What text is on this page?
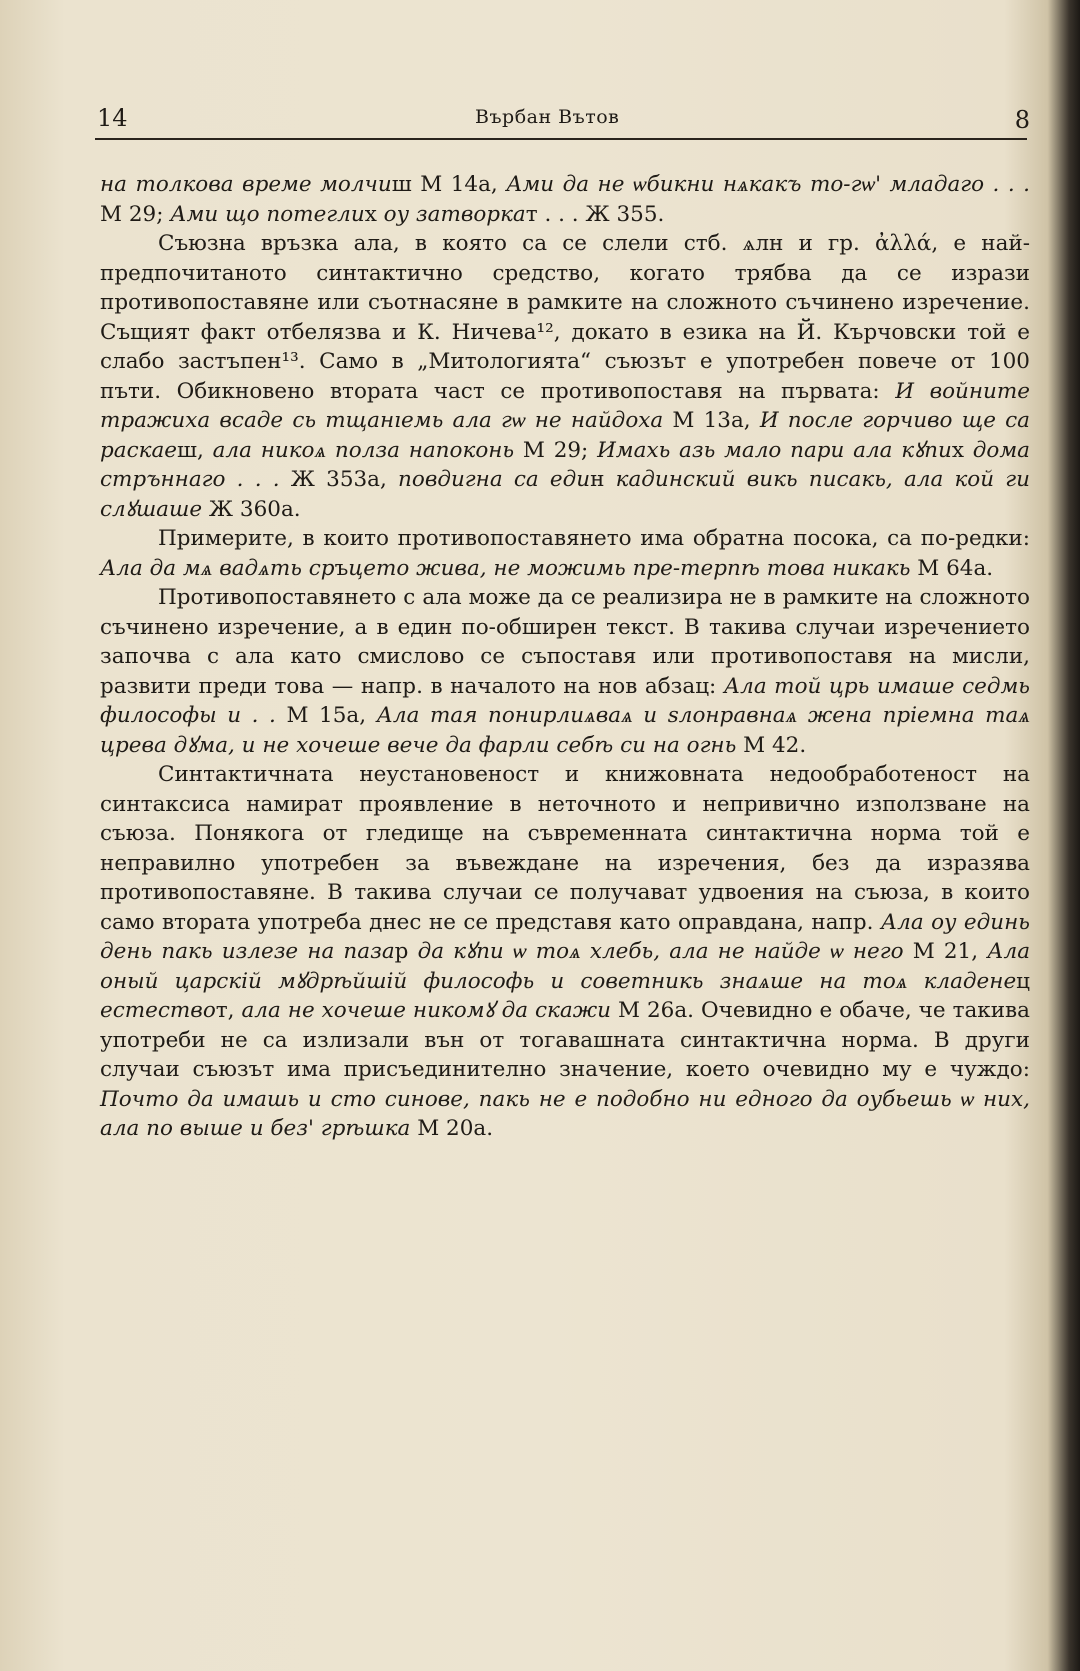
14	Върбан Вътов	8

на толкова време молчиш М 14а, Ами да не ѡбикни нѧкакъ то-гѡ' младаго . . . М 29; Ами що потеглих оу затворкат . . . Ж 355.

Съюзна връзка ала, в която са се слели стб. ѧлн и гр. ἀλλά, е най-предпочитаното синтактично средство, когато трябва да се изрази противопоставяне или съотнасяне в рамките на сложното съчинено изречение. Същият факт отбелязва и К. Ничева¹², докато в езика на Й. Кърчовски той е слабо застъпен¹³. Само в „Митологията“ съюзът е употребен повече от 100 пъти. Обикновено втората част се противопоставя на първата: И войните тражиха всаде сь тщанıемь ала гѡ не найдоха М 13а, И после горчиво ще са раскаеш, ала никоѧ полза напоконь М 29; Имахь азь мало пари ала кꙋпих дома стръннаго . . . Ж 353а, повдигна са един кадинский викь писакь, ала кой ги слꙋшаше Ж 360а.

Примерите, в които противопоставянето има обратна посока, са по-редки: Ала да мѧ вадѧть сръцето жива, не можимь пре-терпѣ това никакь М 64а.

Противопоставянето с ала може да се реализира не в рамките на сложното съчинено изречение, а в един по-обширен текст. В такива случаи изречението започва с ала като смислово се съпоставя или противопоставя на мисли, развити преди това — напр. в началото на нов абзац: Ала той црь имаше седмь философы и . . М 15а, Ала тая понирлиѧваѧ и ѕлонравнаѧ жена пріемна таѧ црева дꙋма, и не хочеше вече да фарли себѣ си на огнь М 42.

Синтактичната неустановеност и книжовната недообработеност на синтаксиса намират проявление в неточното и непривично използване на съюза. Понякога от гледище на съвременната синтактична норма той е неправилно употребен за въвеждане на изречения, без да изразява противопоставяне. В такива случаи се получават удвоения на съюза, в които само втората употреба днес не се представя като оправдана, напр. Ала оу единь день пакь излезе на пазар да кꙋпи ѡ тоѧ хлебь, ала не найде ѡ него М 21, Ала оный царскій мꙋдрѣйшій философь и советникь знаѧше на тоѧ кладенец естествот, ала не хочеше никомꙋ да скажи М 26а. Очевидно е обаче, че такива употреби не са излизали вън от тогавашната синтактична норма. В други случаи съюзът има присъединително значение, което очевидно му е чуждо: Почто да имашь и сто синове, пакь не е подобно ни едного да оубьешь ѡ них, ала по выше и без' грѣшка М 20а.
